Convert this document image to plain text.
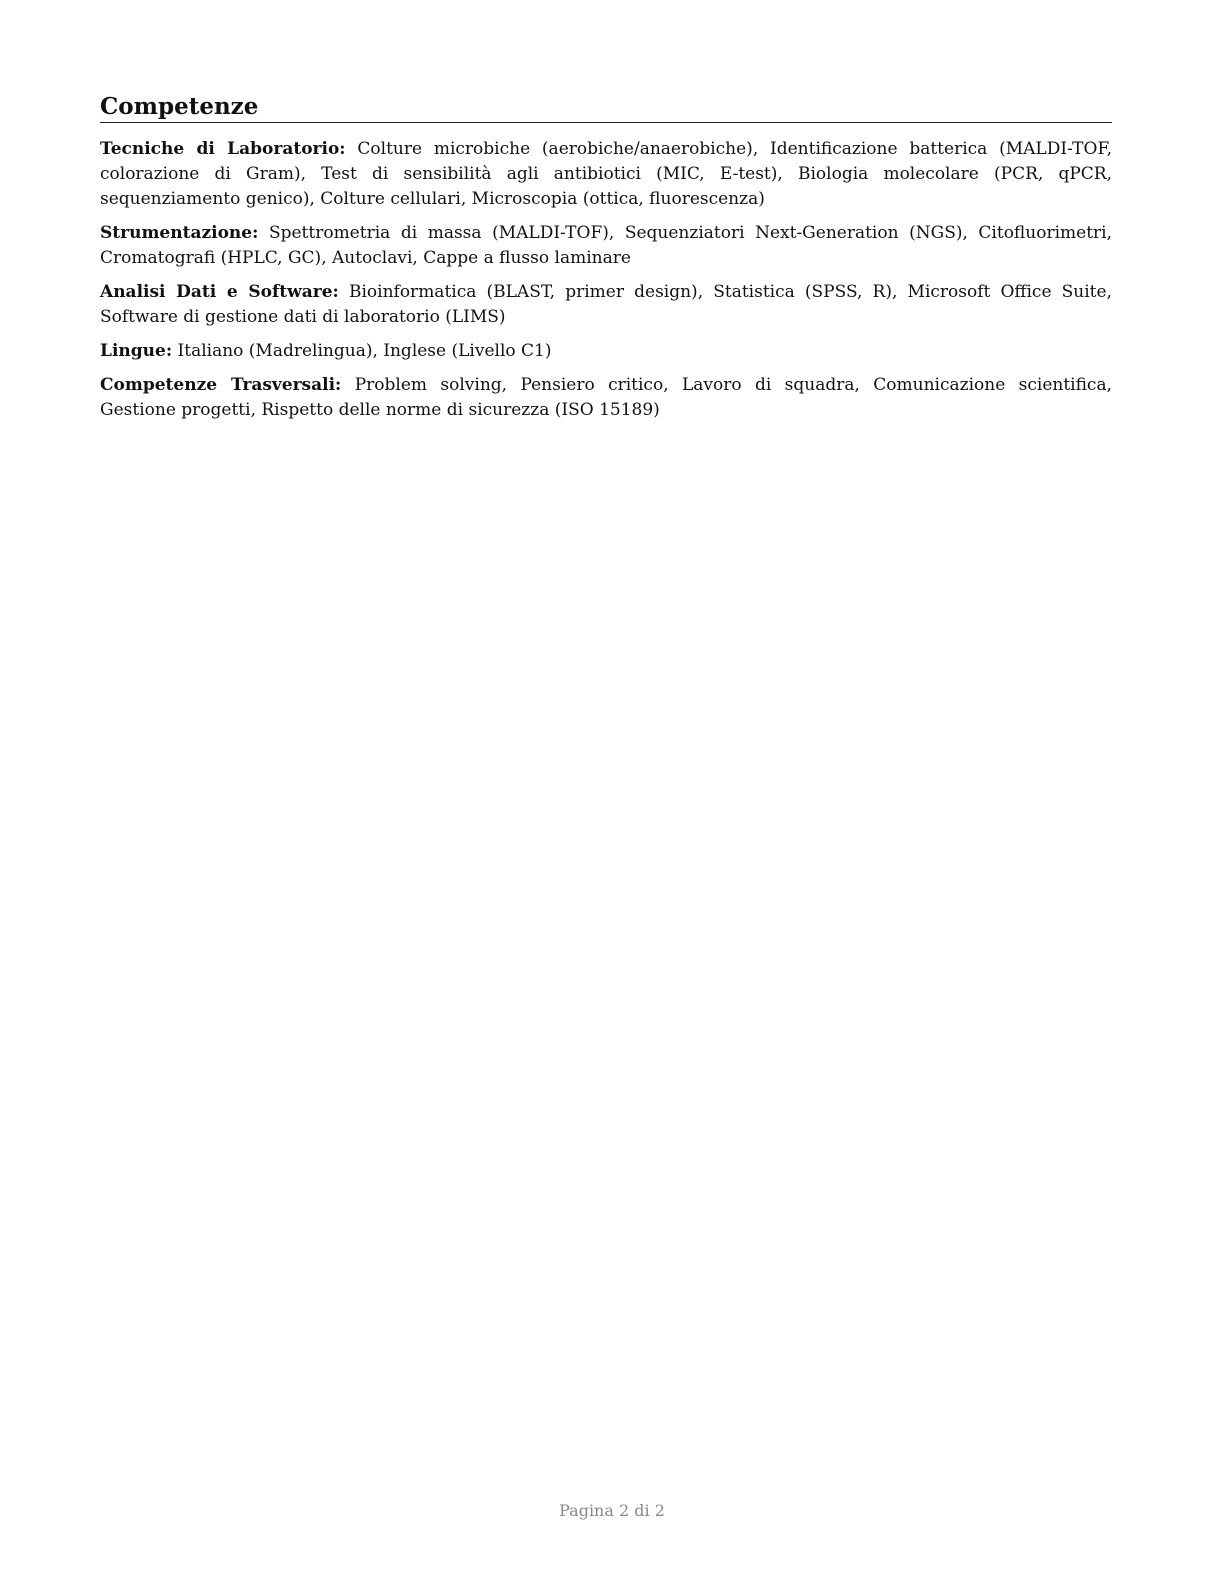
Competenze

Tecniche di Laboratorio: Colture microbiche (aerobiche/anaerobiche), Identificazione batterica (MALDI-TOF, colorazione di Gram), Test di sensibilità agli antibiotici (MIC, E-test), Biologia molecolare (PCR, qPCR, sequenziamento genico), Colture cellulari, Microscopia (ottica, fluorescenza)

Strumentazione: Spettrometria di massa (MALDI-TOF), Sequenziatori Next-Generation (NGS), Citofluorimetri, Cromatografi (HPLC, GC), Autoclavi, Cappe a flusso laminare

Analisi Dati e Software: Bioinformatica (BLAST, primer design), Statistica (SPSS, R), Microsoft Office Suite, Software di gestione dati di laboratorio (LIMS)

Lingue: Italiano (Madrelingua), Inglese (Livello C1)

Competenze Trasversali: Problem solving, Pensiero critico, Lavoro di squadra, Comunicazione scientifica, Gestione progetti, Rispetto delle norme di sicurezza (ISO 15189)

Pagina 2 di 2
